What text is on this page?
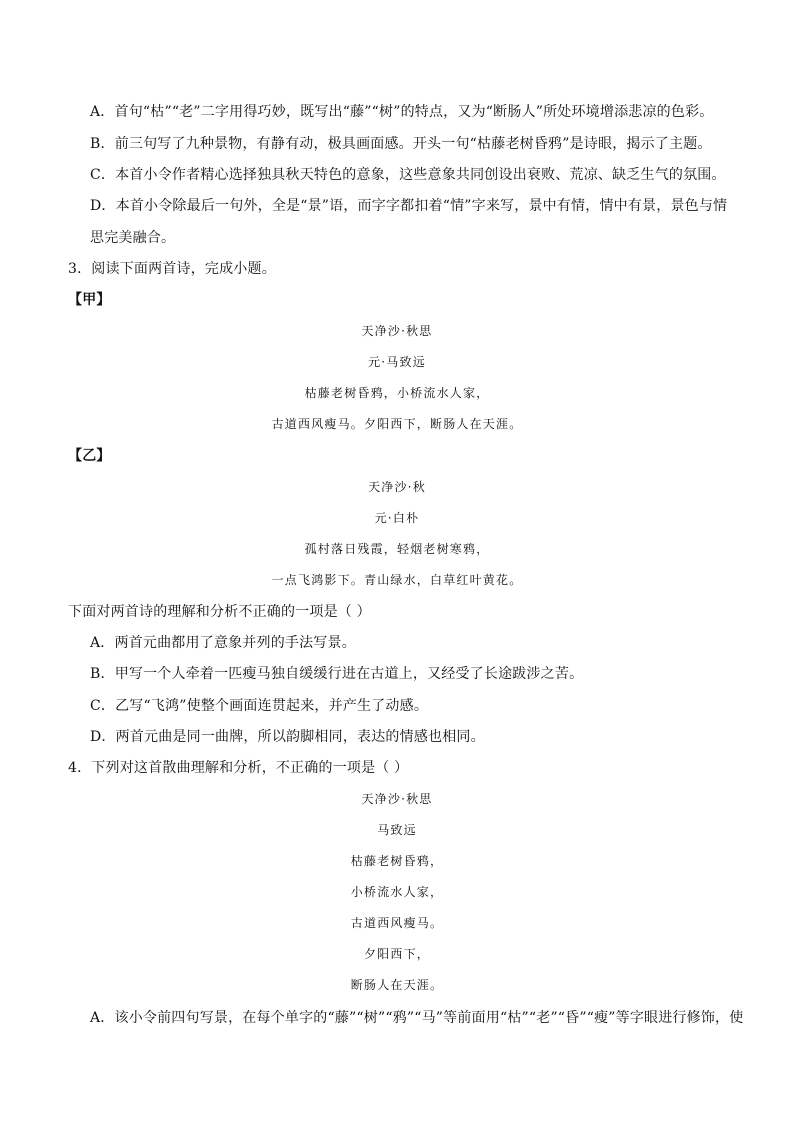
A．首句“枯”“老”二字用得巧妙，既写出“藤”“树”的特点，又为“断肠人”所处环境增添悲凉的色彩。
B．前三句写了九种景物，有静有动，极具画面感。开头一句“枯藤老树昏鸦”是诗眼，揭示了主题。
C．本首小令作者精心选择独具秋天特色的意象，这些意象共同创设出衰败、荒凉、缺乏生气的氛围。
D．本首小令除最后一句外，全是“景”语，而字字都扣着“情”字来写，景中有情，情中有景，景色与情
思完美融合。
3．阅读下面两首诗，完成小题。
【甲】
天净沙·秋思
元·马致远
枯藤老树昏鸦，小桥流水人家，
古道西风瘦马。夕阳西下，断肠人在天涯。
【乙】
天净沙·秋
元·白朴
孤村落日残霞，轻烟老树寒鸦，
一点飞鸿影下。青山绿水，白草红叶黄花。
下面对两首诗的理解和分析不正确的一项是（ ）
A．两首元曲都用了意象并列的手法写景。
B．甲写一个人牵着一匹瘦马独自缓缓行进在古道上，又经受了长途跋涉之苦。
C．乙写“飞鸿”使整个画面连贯起来，并产生了动感。
D．两首元曲是同一曲牌，所以韵脚相同，表达的情感也相同。
4．下列对这首散曲理解和分析，不正确的一项是（ ）
天净沙·秋思
马致远
枯藤老树昏鸦，
小桥流水人家，
古道西风瘦马。
夕阳西下，
断肠人在天涯。
A．该小令前四句写景，在每个单字的“藤”“树”“鸦”“马”等前面用“枯”“老”“昏”“瘦”等字眼进行修饰，使
